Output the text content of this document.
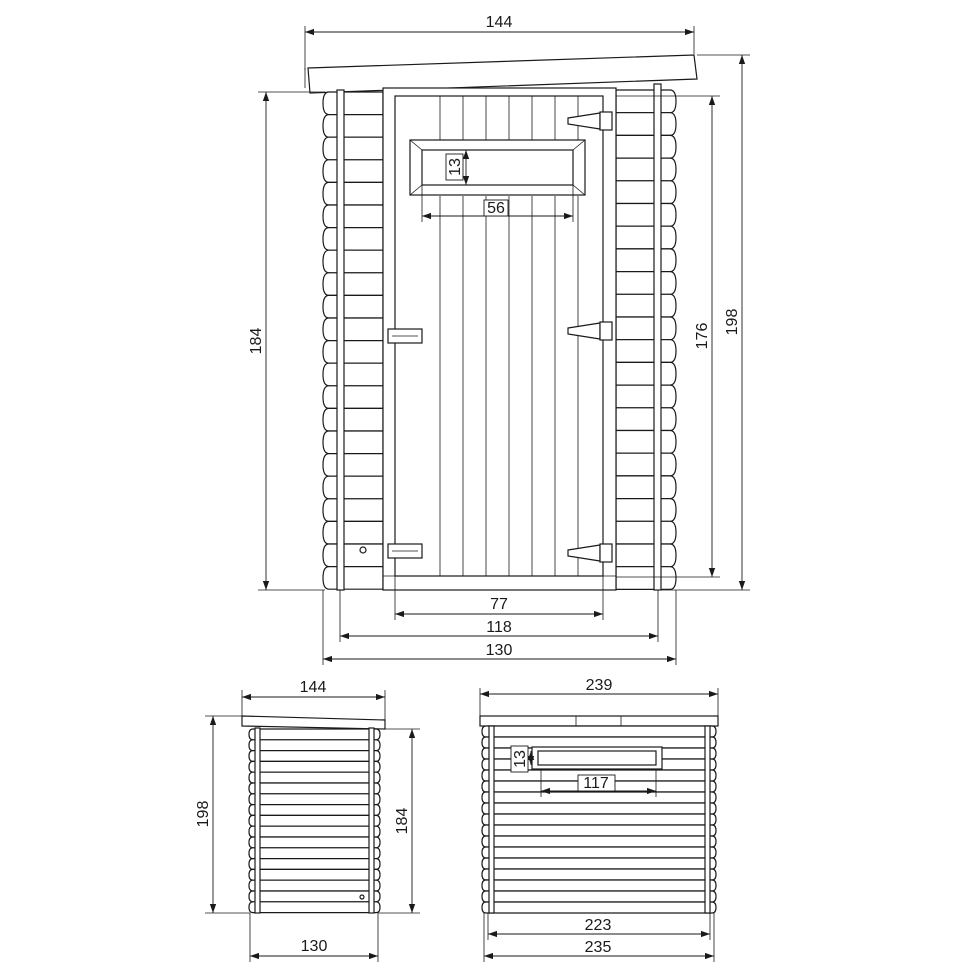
144
184	176
198
13
56
77
118
130
144
198	184
130
239
13
117
223
235
